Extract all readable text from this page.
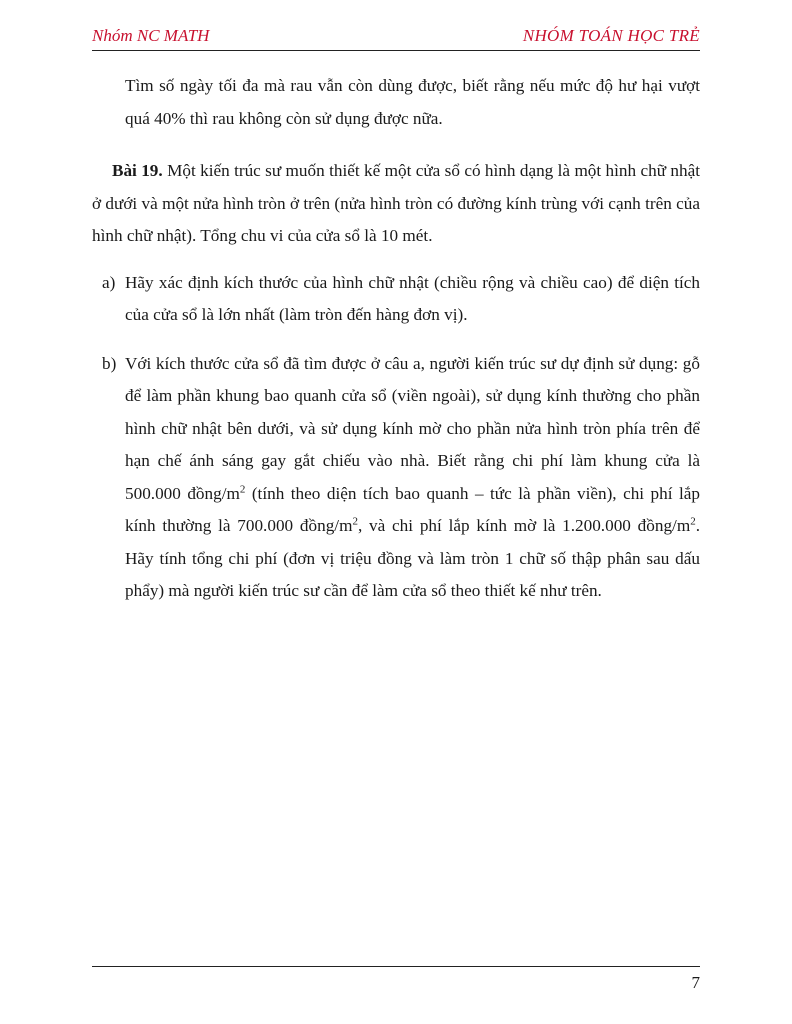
Nhóm NC MATH	NHÓM TOÁN HỌC TRẺ

Tìm số ngày tối đa mà rau vẫn còn dùng được, biết rằng nếu mức độ hư hại vượt quá 40% thì rau không còn sử dụng được nữa.

Bài 19. Một kiến trúc sư muốn thiết kế một cửa sổ có hình dạng là một hình chữ nhật ở dưới và một nửa hình tròn ở trên (nửa hình tròn có đường kính trùng với cạnh trên của hình chữ nhật). Tổng chu vi của cửa sổ là 10 mét.

a) Hãy xác định kích thước của hình chữ nhật (chiều rộng và chiều cao) để diện tích của cửa sổ là lớn nhất (làm tròn đến hàng đơn vị).
b) Với kích thước cửa sổ đã tìm được ở câu a, người kiến trúc sư dự định sử dụng: gỗ để làm phần khung bao quanh cửa sổ (viền ngoài), sử dụng kính thường cho phần hình chữ nhật bên dưới, và sử dụng kính mờ cho phần nửa hình tròn phía trên để hạn chế ánh sáng gay gắt chiếu vào nhà. Biết rằng chi phí làm khung cửa là 500.000 đồng/$m^2$ (tính theo diện tích bao quanh – tức là phần viền), chi phí lắp kính thường là 700.000 đồng/$m^2$, và chi phí lắp kính mờ là 1.200.000 đồng/$m^2$. Hãy tính tổng chi phí (đơn vị triệu đồng và làm tròn 1 chữ số thập phân sau dấu phẩy) mà người kiến trúc sư cần để làm cửa sổ theo thiết kế như trên.
7
